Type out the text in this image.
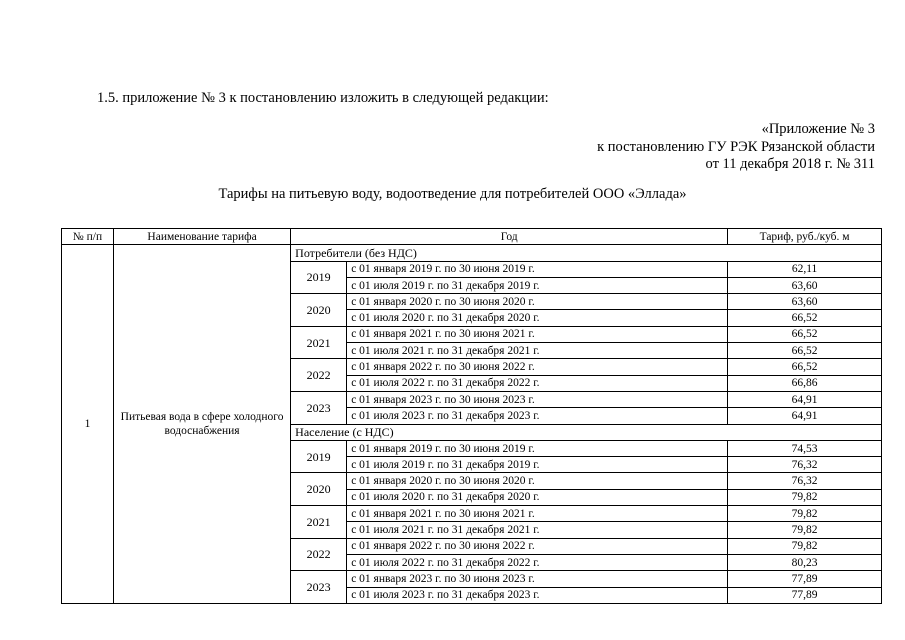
1.5. приложение № 3 к постановлению изложить в следующей редакции:
«Приложение № 3
к постановлению ГУ РЭК Рязанской области
от 11 декабря 2018 г. № 311
Тарифы на питьевую воду, водоотведение для потребителей ООО «Эллада»
№ п/п	Наименование тарифа	Год		Тариф, руб./куб. м
1	Питьевая вода в сфере холодного водоснабжения	Потребители (без НДС)		
		2019	с 01 января 2019 г. по 30 июня 2019 г.	62,11
			с 01 июля 2019 г. по 31 декабря 2019 г.	63,60
		2020	с 01 января 2020 г. по 30 июня 2020 г.	63,60
			с 01 июля 2020 г. по 31 декабря 2020 г.	66,52
		2021	с 01 января 2021 г. по 30 июня 2021 г.	66,52
			с 01 июля 2021 г. по 31 декабря 2021 г.	66,52
		2022	с 01 января 2022 г. по 30 июня 2022 г.	66,52
			с 01 июля 2022 г. по 31 декабря 2022 г.	66,86
		2023	с 01 января 2023 г. по 30 июня 2023 г.	64,91
			с 01 июля 2023 г. по 31 декабря 2023 г.	64,91
		Население (с НДС)		
		2019	с 01 января 2019 г. по 30 июня 2019 г.	74,53
			с 01 июля 2019 г. по 31 декабря 2019 г.	76,32
		2020	с 01 января 2020 г. по 30 июня 2020 г.	76,32
			с 01 июля 2020 г. по 31 декабря 2020 г.	79,82
		2021	с 01 января 2021 г. по 30 июня 2021 г.	79,82
			с 01 июля 2021 г. по 31 декабря 2021 г.	79,82
		2022	с 01 января 2022 г. по 30 июня 2022 г.	79,82
			с 01 июля 2022 г. по 31 декабря 2022 г.	80,23
		2023	с 01 января 2023 г. по 30 июня 2023 г.	77,89
			с 01 июля 2023 г. по 31 декабря 2023 г.	77,89
